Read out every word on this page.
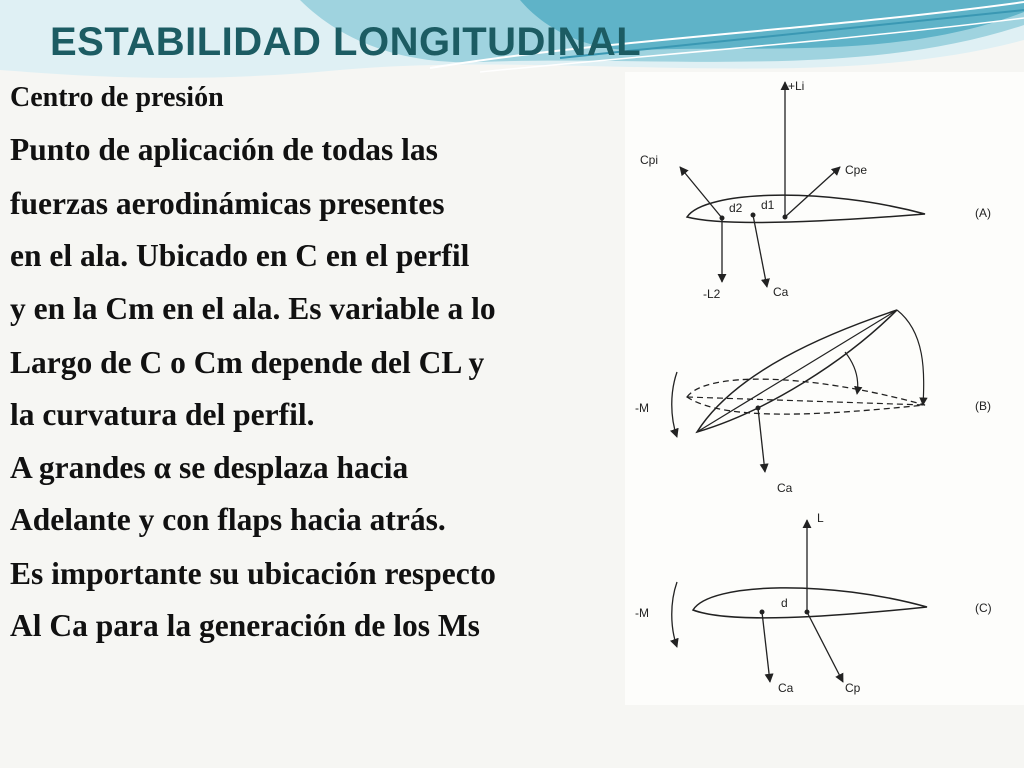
ESTABILIDAD LONGITUDINAL
Centro de presión
Punto de aplicación de todas las
fuerzas aerodinámicas presentes
en el ala. Ubicado en C en el perfil
y en la Cm en el ala. Es variable a lo
Largo de C o Cm depende del CL y
la curvatura del perfil.
A grandes α se desplaza hacia
Adelante y con flaps hacia atrás.
Es importante su ubicación respecto
Al Ca para la generación de los Ms
+Li
Cpi
Cpe
d2 d1
-L2	Ca
(A)
-M
Ca
(B)
L
-M
d
Ca	Cp
(C)
